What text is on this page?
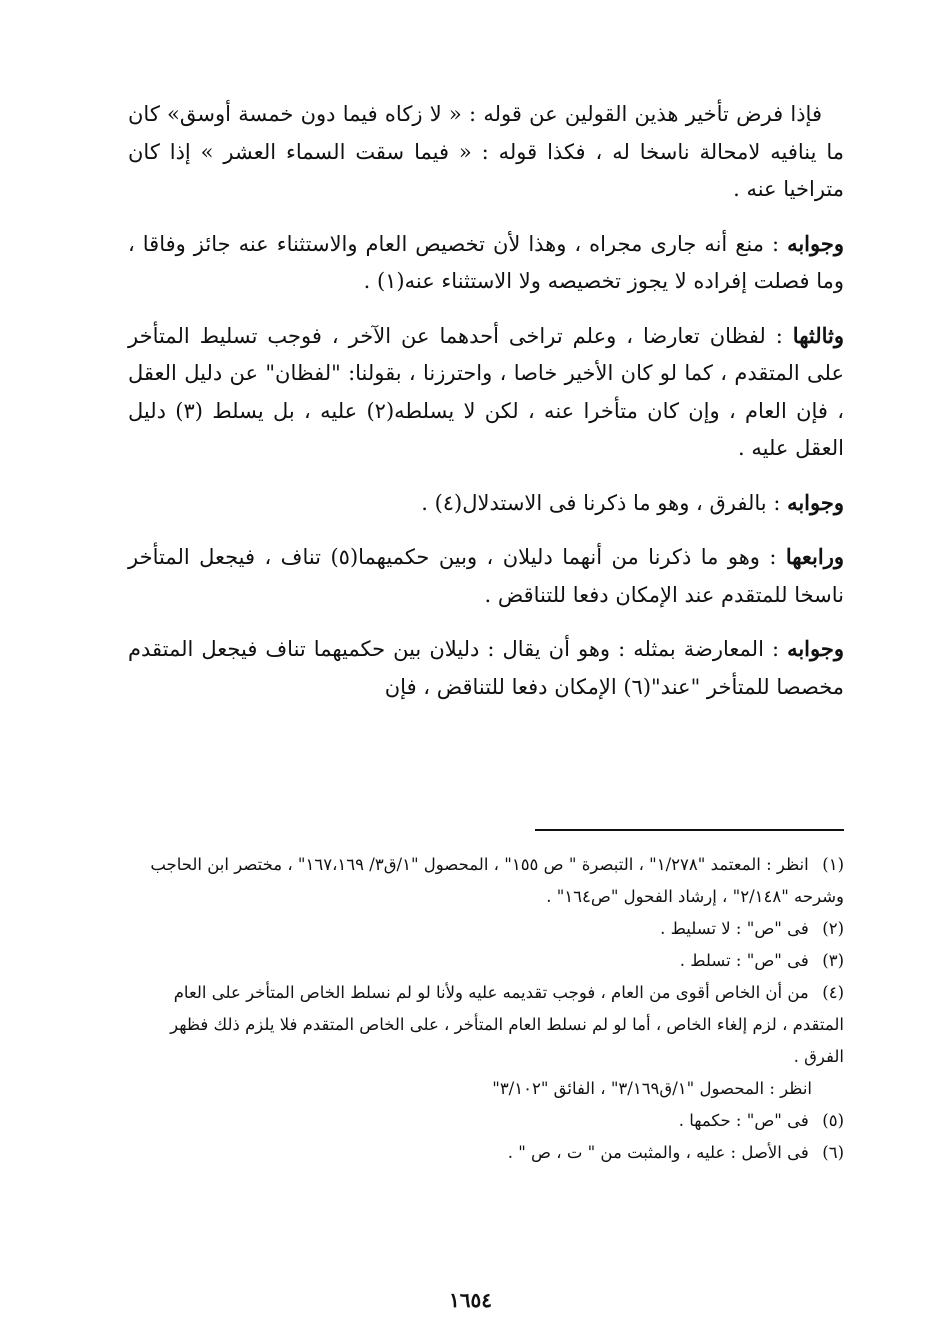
فإذا فرض تأخير هذين القولين عن قوله : « لا زكاه فيما دون خمسة أوسق» كان ما ينافيه لامحالة ناسخا له ، فكذا قوله : « فيما سقت السماء العشر » إذا كان متراخيا عنه .

وجوابه : منع أنه جارى مجراه ، وهذا لأن تخصيص العام والاستثناء عنه جائز وفاقا ، وما فصلت إفراده لا يجوز تخصيصه ولا الاستثناء عنه(١) .

وثالثها : لفظان تعارضا ، وعلم تراخى أحدهما عن الآخر ، فوجب تسليط المتأخر على المتقدم ، كما لو كان الأخير خاصا ، واحترزنا ، بقولنا: "لفظان" عن دليل العقل ، فإن العام ، وإن كان متأخرا عنه ، لكن لا يسلطه(٢) عليه ، بل يسلط (٣) دليل العقل عليه .

وجوابه : بالفرق ، وهو ما ذكرنا فى الاستدلال(٤) .

ورابعها : وهو ما ذكرنا من أنهما دليلان ، وبين حكميهما(٥) تناف ، فيجعل المتأخر ناسخا للمتقدم عند الإمكان دفعا للتناقض .

وجوابه : المعارضة بمثله : وهو أن يقال : دليلان بين حكميهما تناف فيجعل المتقدم مخصصا للمتأخر "عند"(٦) الإمكان دفعا للتناقض ، فإن

(١) انظر : المعتمد "١/٢٧٨" ، التبصرة " ص ١٥٥" ، المحصول "١/ق٣/ ١٦٧،١٦٩" ، مختصر ابن الحاجب وشرحه "٢/١٤٨" ، إرشاد الفحول "ص١٦٤" .

(٢) فى "ص" : لا تسليط .

(٣) فى "ص" : تسلط .

(٤) من أن الخاص أقوى من العام ، فوجب تقديمه عليه ولأنا لو لم نسلط الخاص المتأخر على العام المتقدم ، لزم إلغاء الخاص ، أما لو لم نسلط العام المتأخر ، على الخاص المتقدم فلا يلزم ذلك فظهر الفرق .

انظر : المحصول "١/ق٣/١٦٩" ، الفائق "٣/١٠٢"

(٥) فى "ص" : حكمها .

(٦) فى الأصل : عليه ، والمثبت من " ت ، ص " .

١٦٥٤
